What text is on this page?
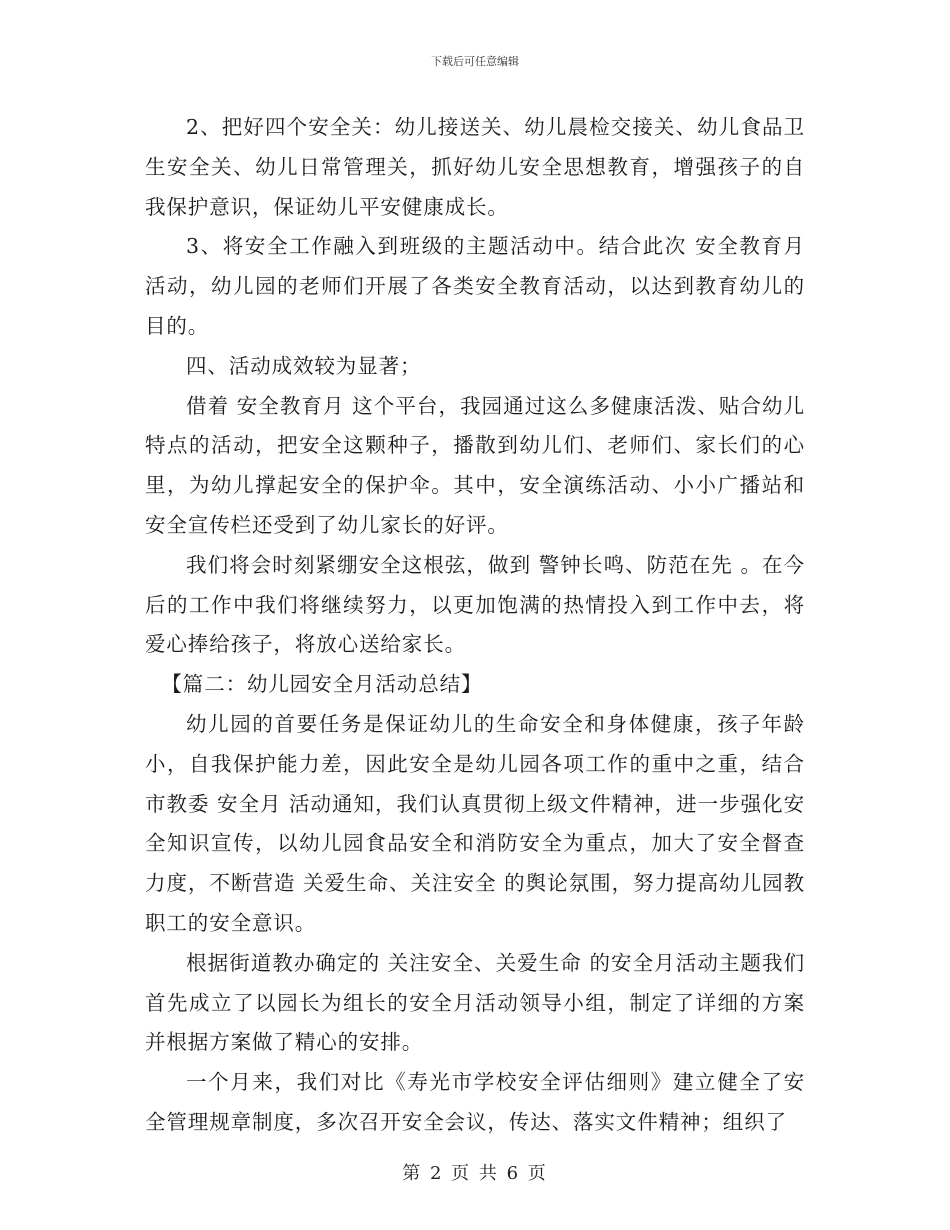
下载后可任意编辑

2、把好四个安全关：幼儿接送关、幼儿晨检交接关、幼儿食品卫生安全关、幼儿日常管理关，抓好幼儿安全思想教育，增强孩子的自我保护意识，保证幼儿平安健康成长。

3、将安全工作融入到班级的主题活动中。结合此次 安全教育月 活动，幼儿园的老师们开展了各类安全教育活动，以达到教育幼儿的目的。

四、活动成效较为显著；

借着 安全教育月 这个平台，我园通过这么多健康活泼、贴合幼儿特点的活动，把安全这颗种子，播散到幼儿们、老师们、家长们的心里，为幼儿撑起安全的保护伞。其中，安全演练活动、小小广播站和安全宣传栏还受到了幼儿家长的好评。

我们将会时刻紧绷安全这根弦，做到 警钟长鸣、防范在先 。在今后的工作中我们将继续努力，以更加饱满的热情投入到工作中去，将爱心捧给孩子，将放心送给家长。

【篇二：幼儿园安全月活动总结】

幼儿园的首要任务是保证幼儿的生命安全和身体健康，孩子年龄小，自我保护能力差，因此安全是幼儿园各项工作的重中之重，结合市教委 安全月 活动通知，我们认真贯彻上级文件精神，进一步强化安全知识宣传，以幼儿园食品安全和消防安全为重点，加大了安全督查力度，不断营造 关爱生命、关注安全 的舆论氛围，努力提高幼儿园教职工的安全意识。

根据街道教办确定的 关注安全、关爱生命 的安全月活动主题我们首先成立了以园长为组长的安全月活动领导小组，制定了详细的方案并根据方案做了精心的安排。

一个月来，我们对比《寿光市学校安全评估细则》建立健全了安全管理规章制度，多次召开安全会议，传达、落实文件精神；组织了

第 2 页 共 6 页
